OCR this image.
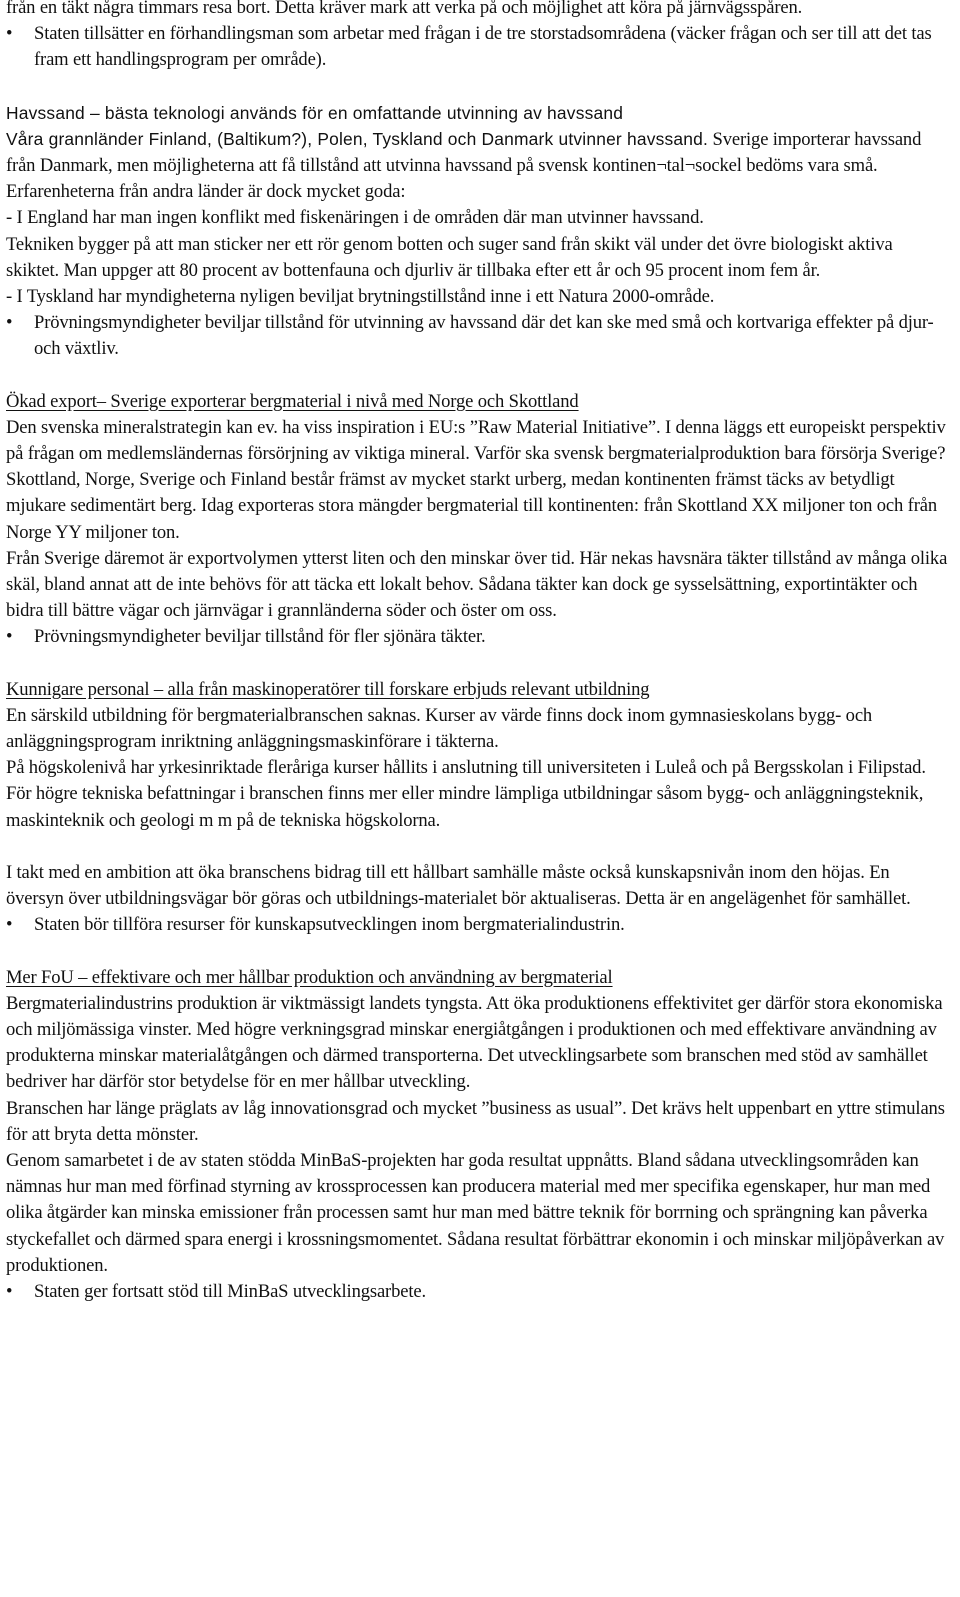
från en täkt några timmars resa bort. Detta kräver mark att verka på och möjlighet att köra på järnvägsspåren.

• Staten tillsätter en förhandlingsman som arbetar med frågan i de tre storstadsområdena (väcker frågan och ser till att det tas fram ett handlingsprogram per område).

Havssand – bästa teknologi används för en omfattande utvinning av havssand

Våra grannländer Finland, (Baltikum?), Polen, Tyskland och Danmark utvinner havssand. Sverige importerar havssand från Danmark, men möjligheterna att få tillstånd att utvinna havssand på svensk kontinen¬tal¬sockel bedöms vara små.

Erfarenheterna från andra länder är dock mycket goda:

- I England har man ingen konflikt med fiskenäringen i de områden där man utvinner havssand.

Tekniken bygger på att man sticker ner ett rör genom botten och suger sand från skikt väl under det övre biologiskt aktiva skiktet. Man uppger att 80 procent av bottenfauna och djurliv är tillbaka efter ett år och 95 procent inom fem år.

- I Tyskland har myndigheterna nyligen beviljat brytningstillstånd inne i ett Natura 2000-område.

• Prövningsmyndigheter beviljar tillstånd för utvinning av havssand där det kan ske med små och kortvariga effekter på djur- och växtliv.

Ökad export– Sverige exporterar bergmaterial i nivå med Norge och Skottland

Den svenska mineralstrategin kan ev. ha viss inspiration i EU:s ”Raw Material Initiative”. I denna läggs ett europeiskt perspektiv på frågan om medlemsländernas försörjning av viktiga mineral. Varför ska svensk bergmaterialproduktion bara försörja Sverige?

Skottland, Norge, Sverige och Finland består främst av mycket starkt urberg, medan kontinenten främst täcks av betydligt mjukare sedimentärt berg. Idag exporteras stora mängder bergmaterial till kontinenten: från Skottland XX miljoner ton och från Norge YY miljoner ton.

Från Sverige däremot är exportvolymen ytterst liten och den minskar över tid. Här nekas havsnära täkter tillstånd av många olika skäl, bland annat att de inte behövs för att täcka ett lokalt behov. Sådana täkter kan dock ge sysselsättning, exportintäkter och bidra till bättre vägar och järnvägar i grannländerna söder och öster om oss.

• Prövningsmyndigheter beviljar tillstånd för fler sjönära täkter.

Kunnigare personal – alla från maskinoperatörer till forskare erbjuds relevant utbildning

En särskild utbildning för bergmaterialbranschen saknas. Kurser av värde finns dock inom gymnasieskolans bygg- och anläggningsprogram inriktning anläggningsmaskinförare i täkterna.

På högskolenivå har yrkesinriktade fleråriga kurser hållits i anslutning till universiteten i Luleå och på Bergsskolan i Filipstad. För högre tekniska befattningar i branschen finns mer eller mindre lämpliga utbildningar såsom bygg- och anläggningsteknik, maskinteknik och geologi m m på de tekniska högskolorna.

I takt med en ambition att öka branschens bidrag till ett hållbart samhälle måste också kunskapsnivån inom den höjas. En översyn över utbildningsvägar bör göras och utbildnings-materialet bör aktualiseras. Detta är en angelägenhet för samhället.

• Staten bör tillföra resurser för kunskapsutvecklingen inom bergmaterialindustrin.

Mer FoU – effektivare och mer hållbar produktion och användning av bergmaterial

Bergmaterialindustrins produktion är viktmässigt landets tyngsta. Att öka produktionens effektivitet ger därför stora ekonomiska och miljömässiga vinster. Med högre verkningsgrad minskar energiåtgången i produktionen och med effektivare användning av produkterna minskar materialåtgången och därmed transporterna. Det utvecklingsarbete som branschen med stöd av samhället bedriver har därför stor betydelse för en mer hållbar utveckling.

Branschen har länge präglats av låg innovationsgrad och mycket ”business as usual”. Det krävs helt uppenbart en yttre stimulans för att bryta detta mönster.

Genom samarbetet i de av staten stödda MinBaS-projekten har goda resultat uppnåtts. Bland sådana utvecklingsområden kan nämnas hur man med förfinad styrning av krossprocessen kan producera material med mer specifika egenskaper, hur man med olika åtgärder kan minska emissioner från processen samt hur man med bättre teknik för borrning och sprängning kan påverka styckefallet och därmed spara energi i krossningsmomentet. Sådana resultat förbättrar ekonomin i och minskar miljöpåverkan av produktionen.

• Staten ger fortsatt stöd till MinBaS utvecklingsarbete.
